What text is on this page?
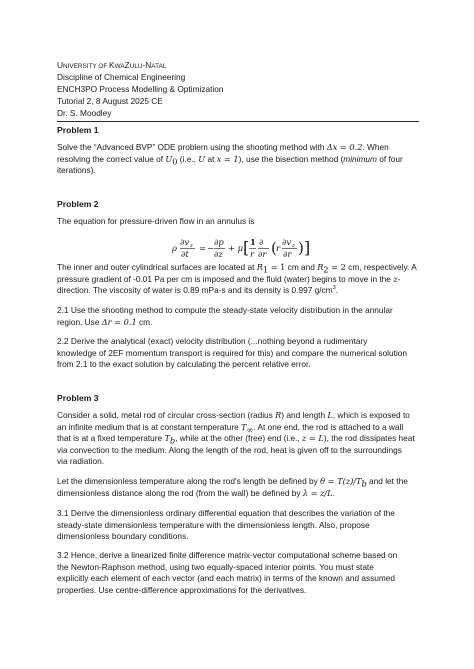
UNIVERSITY OF KWAZULU-NATAL
Discipline of Chemical Engineering
ENCH3PO Process Modelling & Optimization
Tutorial 2, 8 August 2025 CE
Dr. S. Moodley
Problem 1
Solve the “Advanced BVP” ODE problem using the shooting method with Δx = 0.2. When
resolving the correct value of $U_0$ (i.e., U at x = 1), use the bisection method (minimum of four
iterations).
Problem 2
The equation for pressure-driven flow in an annulus is
ρ
∂v z
∂t
= −
∂p
∂z
+ μ [ 1
r
∂
∂r ( r
∂v z
∂r ) ]
The inner and outer cylindrical surfaces are located at $R_1 = 1$ cm and $R_2 = 2$ cm, respectively. A
pressure gradient of -0.01 Pa per cm is imposed and the fluid (water) begins to move in the z-
direction. The viscosity of water is 0.89 mPa-s and its density is 0.997 $g/cm^3$.
2.1 Use the shooting method to compute the steady-state velocity distribution in the annular
region. Use Δr = 0.1 cm.
2.2 Derive the analytical (exact) velocity distribution (...nothing beyond a rudimentary
knowledge of 2EF momentum transport is required for this) and compare the numerical solution
from 2.1 to the exact solution by calculating the percent relative error.
Problem 3
Consider a solid, metal rod of circular cross-section (radius R) and length L, which is exposed to
an infinite medium that is at constant temperature $T_\infty$. At one end, the rod is attached to a wall
that is at a fixed temperature $T_b$, while at the other (free) end (i.e., z = L), the rod dissipates heat
via convection to the medium. Along the length of the rod, heat is given off to the surroundings
via radiation.
Let the dimensionless temperature along the rod's length be defined by $\theta = T(z)/T_b$ and let the
dimensionless distance along the rod (from the wall) be defined by λ = z/L.
3.1 Derive the dimensionless ordinary differential equation that describes the variation of the
steady-state dimensionless temperature with the dimensionless length. Also, propose
dimensionless boundary conditions.
3.2 Hence, derive a linearized finite difference matrix-vector computational scheme based on
the Newton-Raphson method, using two equally-spaced interior points. You must state
explicitly each element of each vector (and each matrix) in terms of the known and assumed
properties. Use centre-difference approximations for the derivatives.
